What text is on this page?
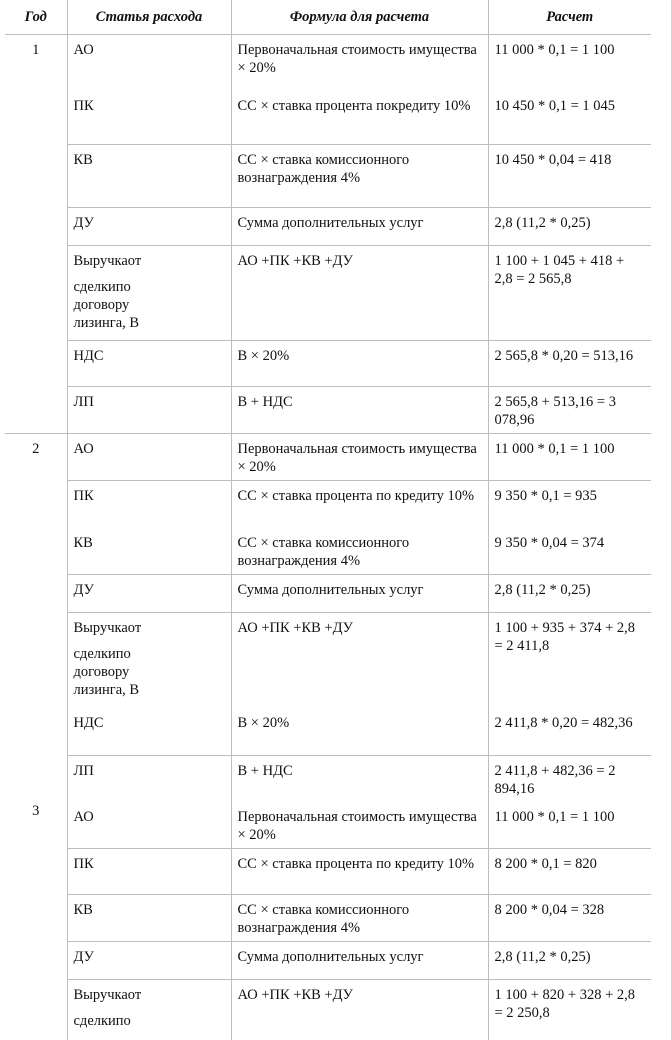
Год	Статья расхода	Формула для расчета	Расчет
1	АО	Первоначальная стоимость имущества × 20%	11 000 * 0,1 = 1 100
	ПК	СС × ставка процента покредиту 10%	10 450 * 0,1 = 1 045
	КВ	СС × ставка комиссионного вознаграждения 4%	10 450 * 0,04 = 418
	ДУ	Сумма дополнительных услуг	2,8 (11,2 * 0,25)

	Выручкаот
сделкипо
договору
лизинга, В	АО +ПК +КВ +ДУ	1 100 + 1 045 + 418 + 2,8 = 2 565,8
	НДС	В × 20%	2 565,8 * 0,20 = 513,16
	ЛП	В + НДС	2 565,8 + 513,16 = 3 078,96
2	АО	Первоначальная стоимость имущества × 20%	11 000 * 0,1 = 1 100
	ПК	СС × ставка процента по кредиту 10%	9 350 * 0,1 = 935
	КВ	СС × ставка комиссионного вознаграждения 4%	9 350 * 0,04 = 374
	ДУ	Сумма дополнительных услуг	2,8 (11,2 * 0,25)

	Выручкаот
сделкипо
договору
лизинга, В	АО +ПК +КВ +ДУ	1 100 + 935 + 374 + 2,8 = 2 411,8
	НДС	В × 20%	2 411,8 * 0,20 = 482,36
	ЛП	В + НДС	2 411,8 + 482,36 = 2 894,16
3	АО	Первоначальная стоимость имущества × 20%	11 000 * 0,1 = 1 100
	ПК	СС × ставка процента по кредиту 10%	8 200 * 0,1 = 820
	КВ	СС × ставка комиссионного вознаграждения 4%	8 200 * 0,04 = 328
	ДУ	Сумма дополнительных услуг	2,8 (11,2 * 0,25)

	Выручкаот
сделкипо	АО +ПК +КВ +ДУ	1 100 + 820 + 328 + 2,8 = 2 250,8
